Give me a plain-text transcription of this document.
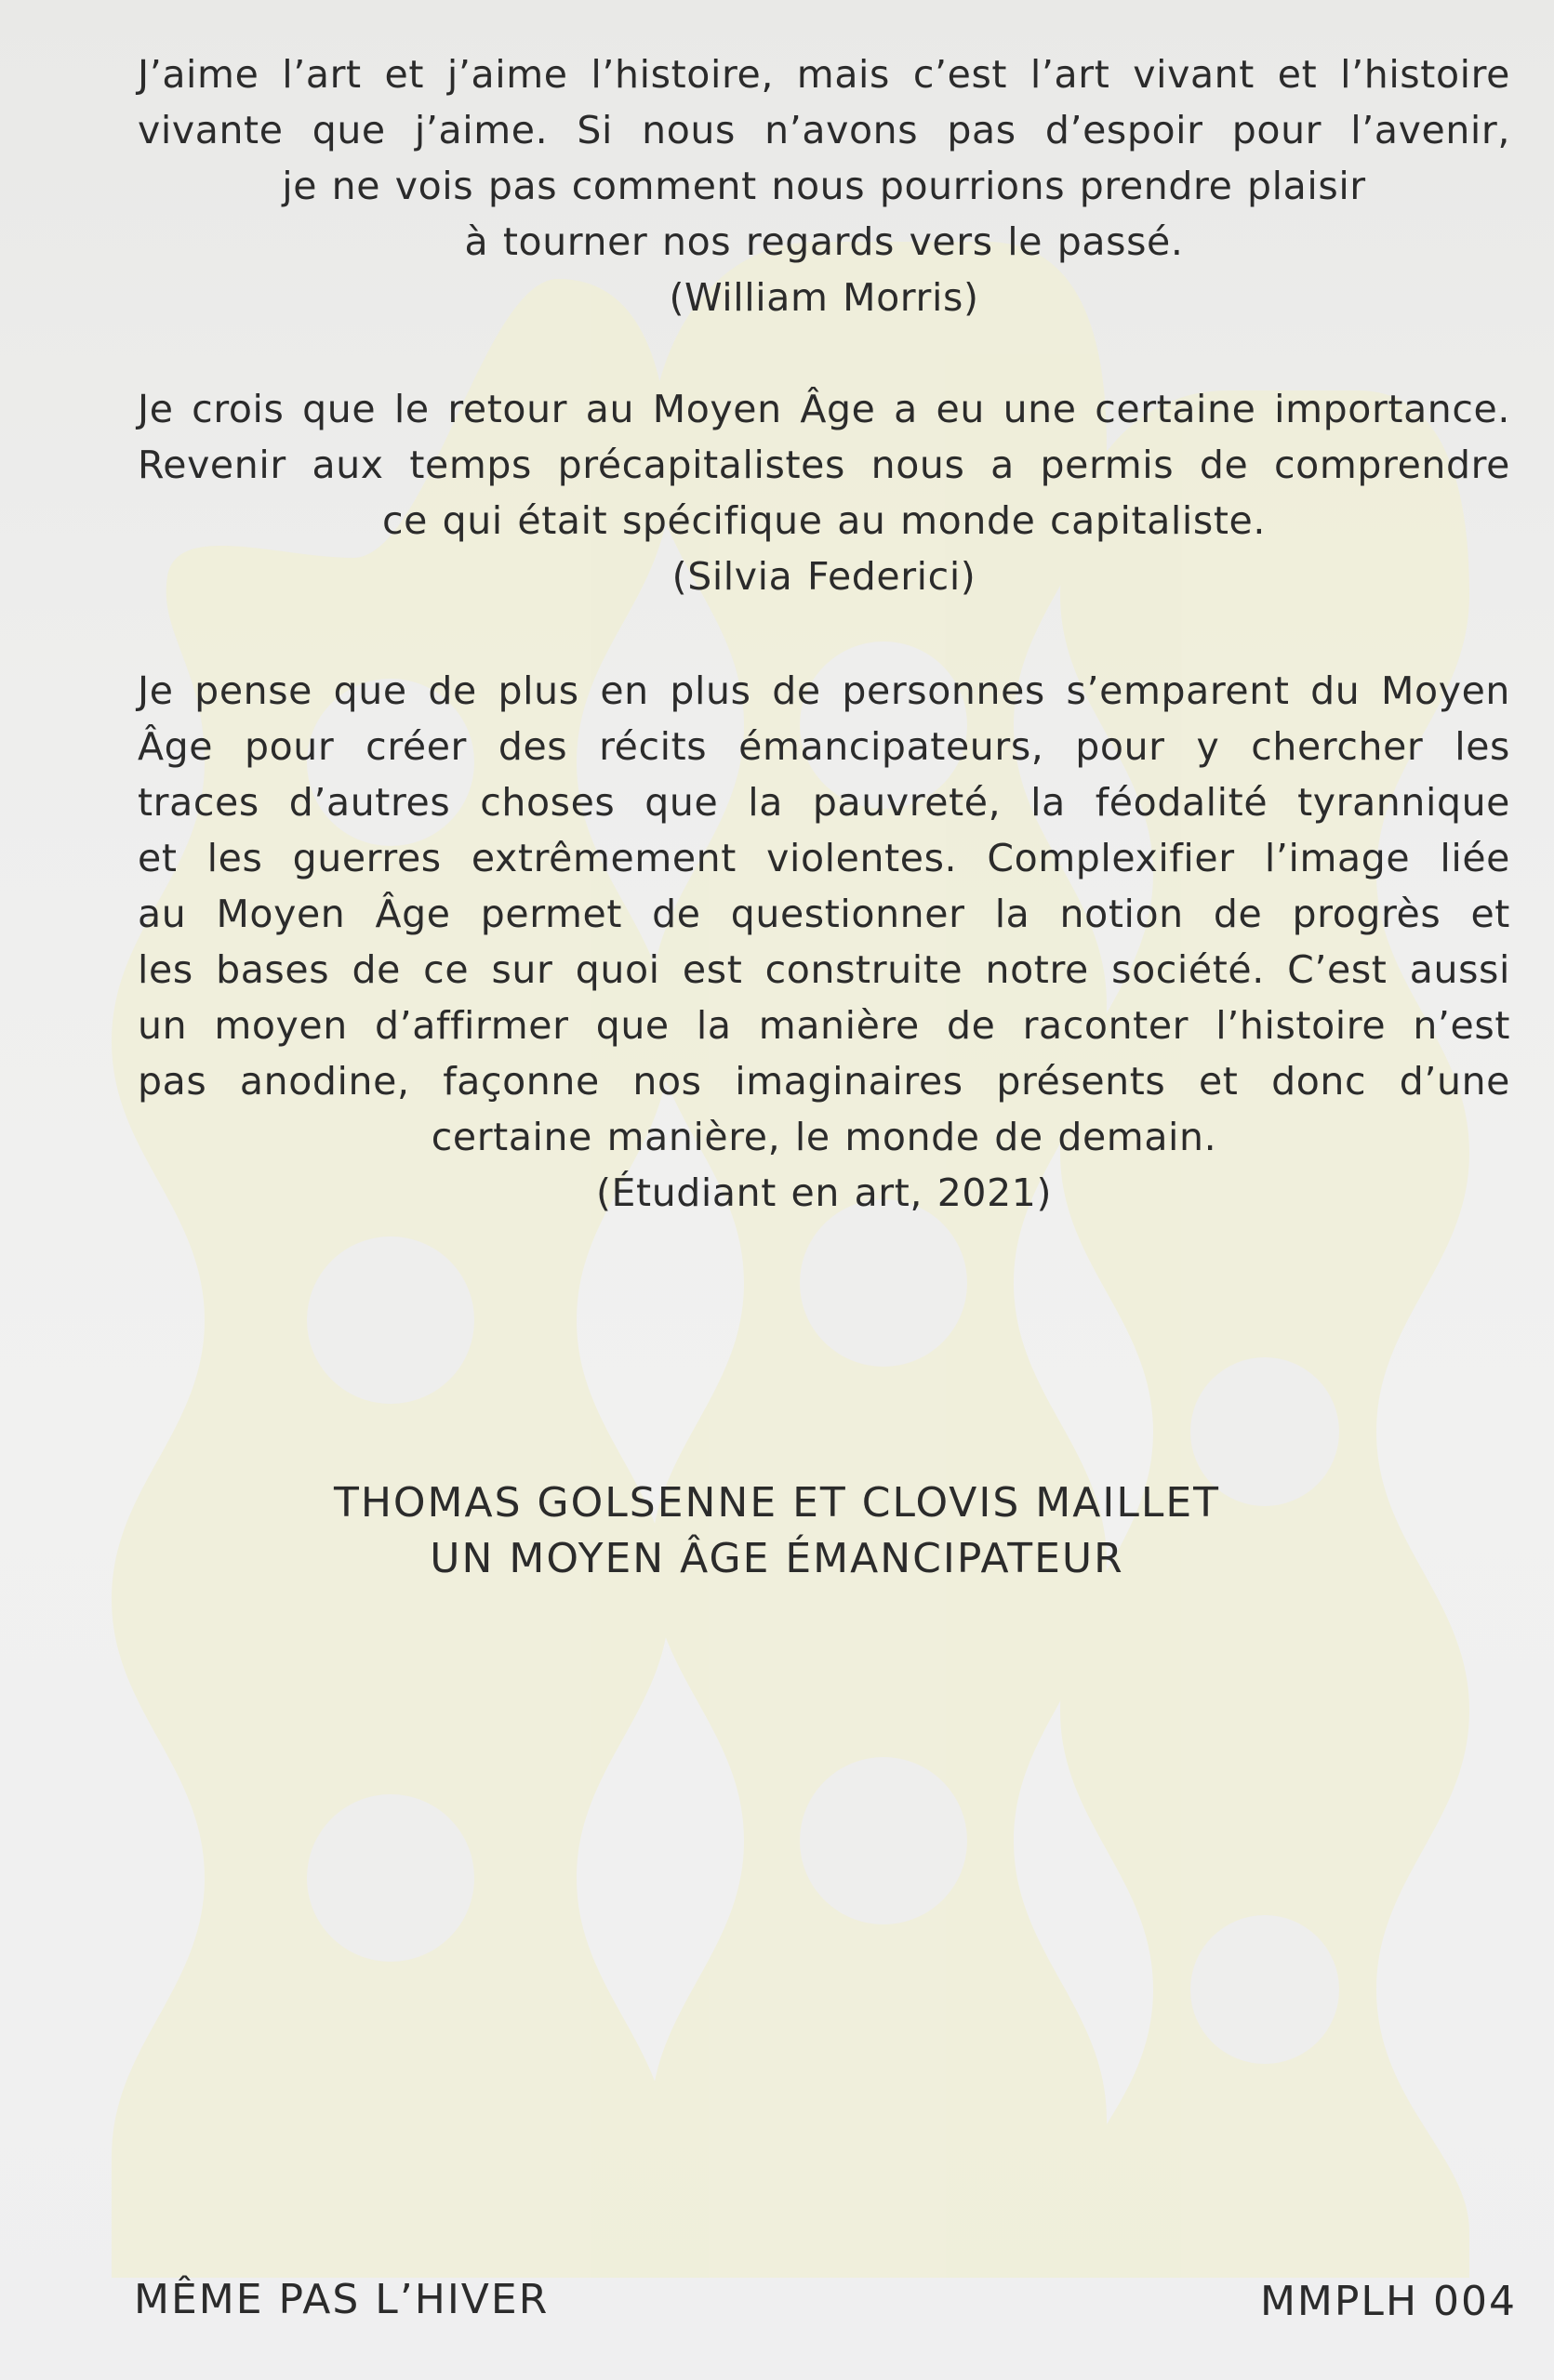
J’aime l’art et j’aime l’histoire, mais c’est l’art vivant et l’histoire
vivante que j’aime. Si nous n’avons pas d’espoir pour l’avenir,
je ne vois pas comment nous pourrions prendre plaisir
à tourner nos regards vers le passé.
(William Morris)

Je crois que le retour au Moyen Âge a eu une certaine importance.
Revenir aux temps précapitalistes nous a permis de comprendre
ce qui était spécifique au monde capitaliste.
(Silvia Federici)

Je pense que de plus en plus de personnes s’emparent du Moyen
Âge pour créer des récits émancipateurs, pour y chercher les
traces d’autres choses que la pauvreté, la féodalité tyrannique
et les guerres extrêmement violentes. Complexifier l’image liée
au Moyen Âge permet de questionner la notion de progrès et
les bases de ce sur quoi est construite notre société. C’est aussi
un moyen d’affirmer que la manière de raconter l’histoire n’est
pas anodine, façonne nos imaginaires présents et donc d’une
certaine manière, le monde de demain.
(Étudiant en art, 2021)

THOMAS GOLSENNE ET CLOVIS MAILLET
UN MOYEN ÂGE ÉMANCIPATEUR
MÊME PAS L’HIVER	MMPLH 004
